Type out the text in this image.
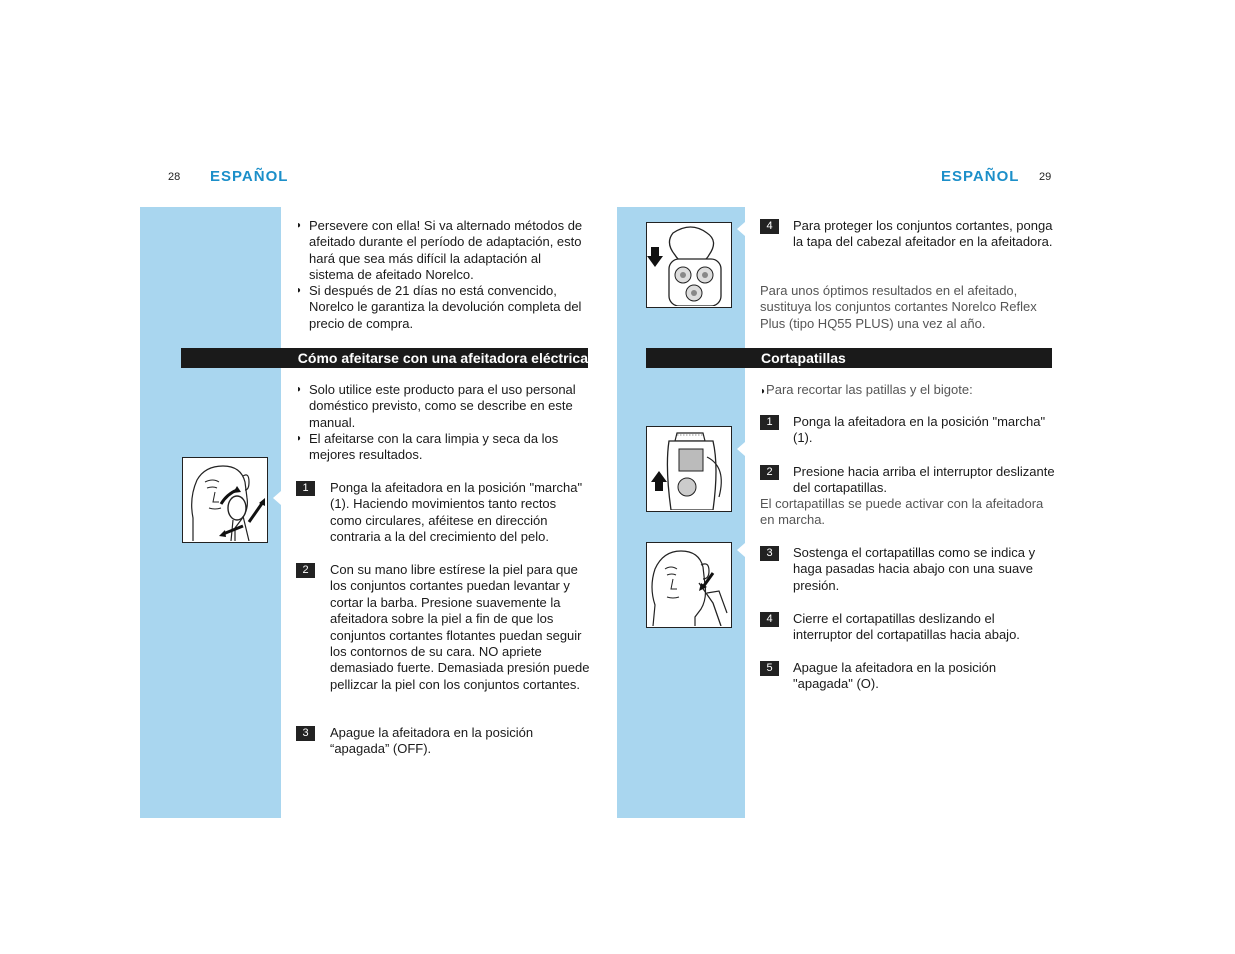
28 ESPAÑOL
◗ Persevere con ella! Si va alternado métodos de afeitado durante el período de adaptación, esto hará que sea más difícil la adaptación al sistema de afeitado Norelco.
◗ Si después de 21 días no está convencido, Norelco le garantiza la devolución completa del precio de compra.
Cómo afeitarse con una afeitadora eléctrica
◗ Solo utilice este producto para el uso personal doméstico previsto, como se describe en este manual.
◗ El afeitarse con la cara limpia y seca da los mejores resultados.
1	Ponga la afeitadora en la posición "marcha" (1). Haciendo movimientos tanto rectos como circulares, aféitese en dirección contraria a la del crecimiento del pelo.
2	Con su mano libre estírese la piel para que los conjuntos cortantes puedan levantar y cortar la barba. Presione suavemente la afeitadora sobre la piel a fin de que los conjuntos cortantes flotantes puedan seguir los contornos de su cara. NO apriete demasiado fuerte. Demasiada presión puede pellizcar la piel con los conjuntos cortantes.
3	Apague la afeitadora en la posición “apagada” (OFF).
ESPAÑOL 29
4	Para proteger los conjuntos cortantes, ponga la tapa del cabezal afeitador en la afeitadora.
Para unos óptimos resultados en el afeitado, sustituya los conjuntos cortantes Norelco Reflex Plus (tipo HQ55 PLUS) una vez al año.
Cortapatillas
◗Para recortar las patillas y el bigote:
1	Ponga la afeitadora en la posición "marcha" (1).
2	Presione hacia arriba el interruptor deslizante del cortapatillas.
El cortapatillas se puede activar con la afeitadora en marcha.
3	Sostenga el cortapatillas como se indica y haga pasadas hacia abajo con una suave presión.
4	Cierre el cortapatillas deslizando el interruptor del cortapatillas hacia abajo.
5	Apague la afeitadora en la posición "apagada" (O).
